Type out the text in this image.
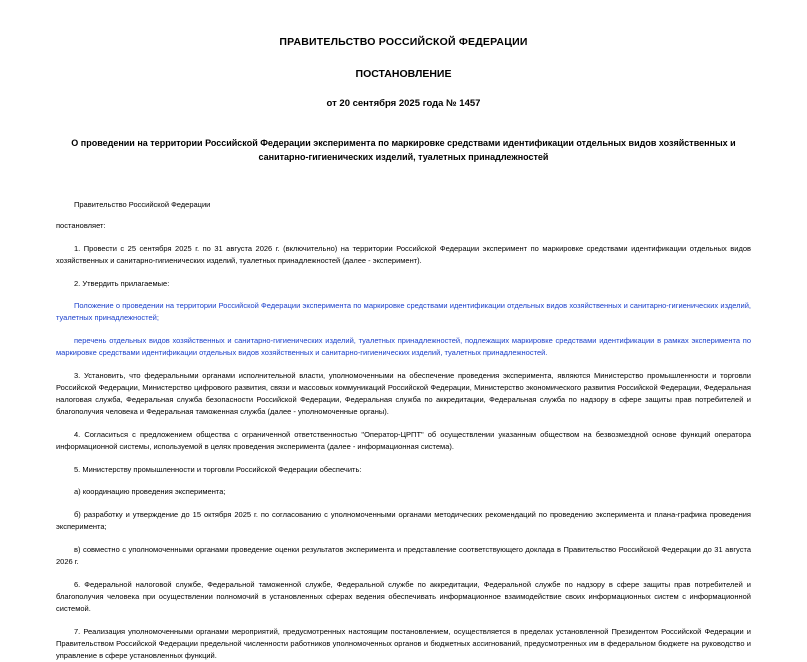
ПРАВИТЕЛЬСТВО РОССИЙСКОЙ ФЕДЕРАЦИИ
ПОСТАНОВЛЕНИЕ
от 20 сентября 2025 года № 1457
О проведении на территории Российской Федерации эксперимента по маркировке средствами идентификации отдельных видов хозяйственных и санитарно-гигиенических изделий, туалетных принадлежностей

Правительство Российской Федерации

постановляет:

1. Провести с 25 сентября 2025 г. по 31 августа 2026 г. (включительно) на территории Российской Федерации эксперимент по маркировке средствами идентификации отдельных видов хозяйственных и санитарно-гигиенических изделий, туалетных принадлежностей (далее - эксперимент).

2. Утвердить прилагаемые:

Положение о проведении на территории Российской Федерации эксперимента по маркировке средствами идентификации отдельных видов хозяйственных и санитарно-гигиенических изделий, туалетных принадлежностей;

перечень отдельных видов хозяйственных и санитарно-гигиенических изделий, туалетных принадлежностей, подлежащих маркировке средствами идентификации в рамках эксперимента по маркировке средствами идентификации отдельных видов хозяйственных и санитарно-гигиенических изделий, туалетных принадлежностей.

3. Установить, что федеральными органами исполнительной власти, уполномоченными на обеспечение проведения эксперимента, являются Министерство промышленности и торговли Российской Федерации, Министерство цифрового развития, связи и массовых коммуникаций Российской Федерации, Министерство экономического развития Российской Федерации, Федеральная налоговая служба, Федеральная служба безопасности Российской Федерации, Федеральная служба по аккредитации, Федеральная служба по надзору в сфере защиты прав потребителей и благополучия человека и Федеральная таможенная служба (далее - уполномоченные органы).

4. Согласиться с предложением общества с ограниченной ответственностью "Оператор-ЦРПТ" об осуществлении указанным обществом на безвозмездной основе функций оператора информационной системы, используемой в целях проведения эксперимента (далее - информационная система).

5. Министерству промышленности и торговли Российской Федерации обеспечить:

а) координацию проведения эксперимента;

б) разработку и утверждение до 15 октября 2025 г. по согласованию с уполномоченными органами методических рекомендаций по проведению эксперимента и плана-графика проведения эксперимента;

в) совместно с уполномоченными органами проведение оценки результатов эксперимента и представление соответствующего доклада в Правительство Российской Федерации до 31 августа 2026 г.

6. Федеральной налоговой службе, Федеральной таможенной службе, Федеральной службе по аккредитации, Федеральной службе по надзору в сфере защиты прав потребителей и благополучия человека при осуществлении полномочий в установленных сферах ведения обеспечивать информационное взаимодействие своих информационных систем с информационной системой.

7. Реализация уполномоченными органами мероприятий, предусмотренных настоящим постановлением, осуществляется в пределах установленной Президентом Российской Федерации и Правительством Российской Федерации предельной численности работников уполномоченных органов и бюджетных ассигнований, предусмотренных им в федеральном бюджете на руководство и управление в сфере установленных функций.
